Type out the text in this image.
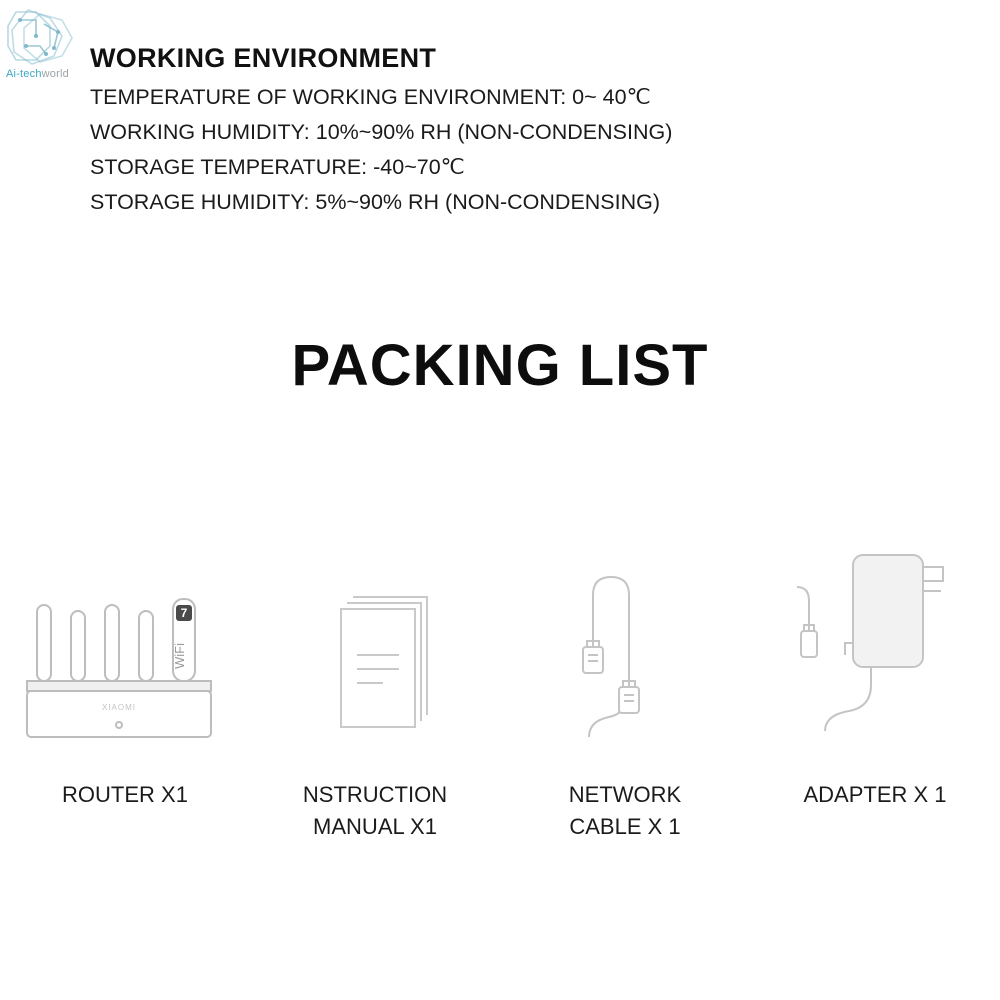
Ai-techworld
WORKING ENVIRONMENT
TEMPERATURE OF WORKING ENVIRONMENT: 0~ 40℃
WORKING HUMIDITY: 10%~90% RH (NON-CONDENSING)
STORAGE TEMPERATURE: -40~70℃
STORAGE HUMIDITY: 5%~90% RH (NON-CONDENSING)
PACKING LIST
WiFi
7
XIAOMI
ROUTER X1	NSTRUCTION
MANUAL X1
NETWORK
CABLE X 1
ADAPTER X 1
